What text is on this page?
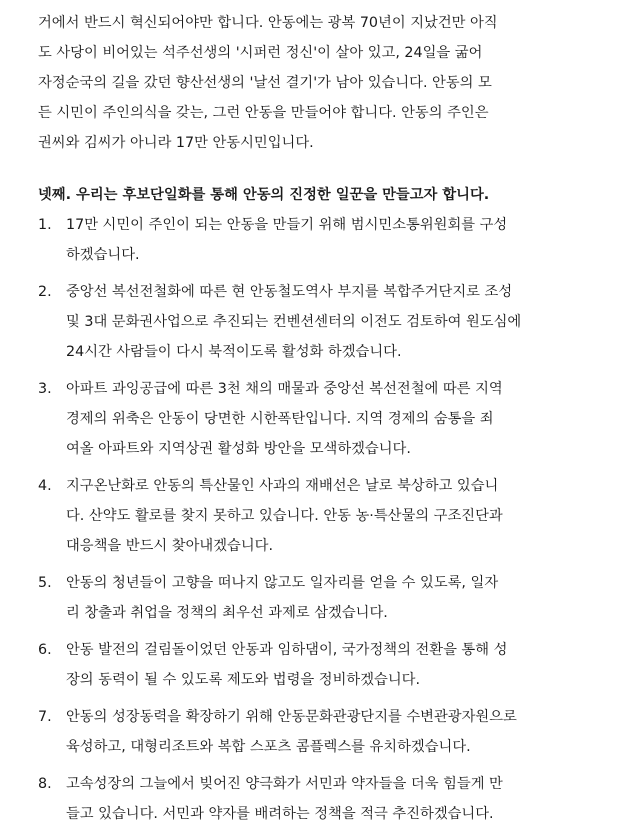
거에서 반드시 혁신되어야만 합니다. 안동에는 광복 70년이 지났건만 아직
도 사당이 비어있는 석주선생의 '시퍼런 정신'이 살아 있고, 24일을 굶어
자정순국의 길을 갔던 향산선생의 '날선 결기'가 남아 있습니다. 안동의 모
든 시민이 주인의식을 갖는, 그런 안동을 만들어야 합니다. 안동의 주인은
권씨와 김씨가 아니라 17만 안동시민입니다.
넷째. 우리는 후보단일화를 통해 안동의 진정한 일꾼을 만들고자 합니다.
1. 17만 시민이 주인이 되는 안동을 만들기 위해 범시민소통위원회를 구성
하겠습니다.
2. 중앙선 복선전철화에 따른 현 안동철도역사 부지를 복합주거단지로 조성
및 3대 문화권사업으로 추진되는 컨벤션센터의 이전도 검토하여 원도심에
24시간 사람들이 다시 북적이도록 활성화 하겠습니다.
3. 아파트 과잉공급에 따른 3천 채의 매물과 중앙선 복선전철에 따른 지역
경제의 위축은 안동이 당면한 시한폭탄입니다. 지역 경제의 숨통을 죄
여올 아파트와 지역상권 활성화 방안을 모색하겠습니다.
4. 지구온난화로 안동의 특산물인 사과의 재배선은 날로 북상하고 있습니
다. 산약도 활로를 찾지 못하고 있습니다. 안동 농·특산물의 구조진단과
대응책을 반드시 찾아내겠습니다.
5. 안동의 청년들이 고향을 떠나지 않고도 일자리를 얻을 수 있도록, 일자
리 창출과 취업을 정책의 최우선 과제로 삼겠습니다.
6. 안동 발전의 걸림돌이었던 안동과 임하댐이, 국가정책의 전환을 통해 성
장의 동력이 될 수 있도록 제도와 법령을 정비하겠습니다.
7. 안동의 성장동력을 확장하기 위해 안동문화관광단지를 수변관광자원으로
육성하고, 대형리조트와 복합 스포츠 콤플렉스를 유치하겠습니다.
8. 고속성장의 그늘에서 빚어진 양극화가 서민과 약자들을 더욱 힘들게 만
들고 있습니다. 서민과 약자를 배려하는 정책을 적극 추진하겠습니다.
